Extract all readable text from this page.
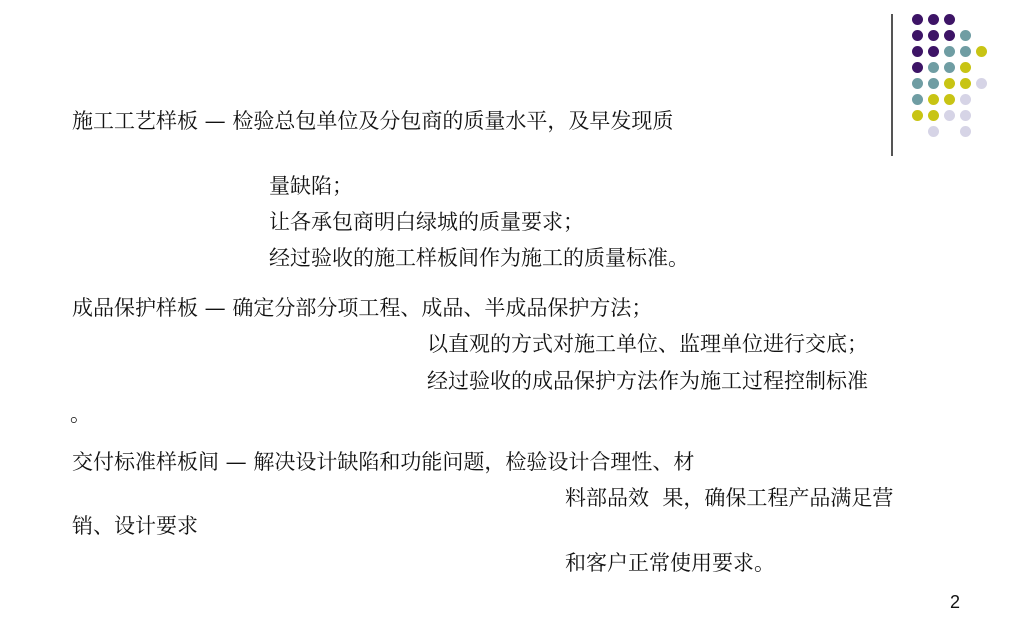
施工工艺样板 — 检验总包单位及分包商的质量水平，及早发现质
量缺陷；
让各承包商明白绿城的质量要求；
经过验收的施工样板间作为施工的质量标准。
成品保护样板 — 确定分部分项工程、成品、半成品保护方法；
以直观的方式对施工单位、监理单位进行交底；
经过验收的成品保护方法作为施工过程控制标准
。
交付标准样板间 — 解决设计缺陷和功能问题，检验设计合理性、材
料部品效  果，确保工程产品满足营
销、设计要求
和客户正常使用要求。
2
